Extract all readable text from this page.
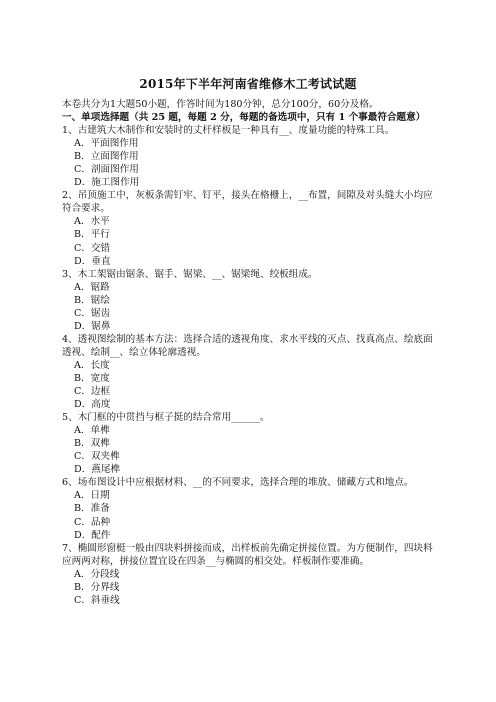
2015年下半年河南省维修木工考试试题
本卷共分为1大题50小题，作答时间为180分钟，总分100分，60分及格。
一、单项选择题（共 25 题，每题 2 分，每题的备选项中，只有 1 个事最符合题意）
1、古建筑大木制作和安装时的丈杆样板是一种具有__、度量功能的特殊工具。
A．平面图作用
B．立面图作用
C．剖面图作用
D．施工图作用
2、吊顶施工中，灰板条需钉牢、钉平，接头在格栅上，__布置，间隙及对头缝大小均应符合要求。
A．水平
B．平行
C．交错
D．垂直
3、木工架锯由锯条、锯手、锯梁、__、锯梁绳、绞板组成。
A．锯路
B．锯绘
C．锯齿
D．锯鼻
4、透视图绘制的基本方法：选择合适的透视角度、求水平线的灭点、找真高点、绘底面透视、绘制__、绘立体轮廓透视。
A．长度
B．宽度
C．边框
D．高度
5、木门框的中贯挡与框子挺的结合常用______。
A．单榫
B．双榫
C．双夹榫
D．燕尾榫
6、场布图设计中应根据材料、__的不同要求，选择合理的堆放、储藏方式和地点。
A．日期
B．准备
C．品种
D．配件
7、椭圆形窗梃一般由四块料拼接而成，出样板前先确定拼接位置。为方便制作，四块料应两两对称，拼接位置宜设在四条__与椭圆的相交处。样板制作要准确。
A．分段线
B．分界线
C．斜垂线
